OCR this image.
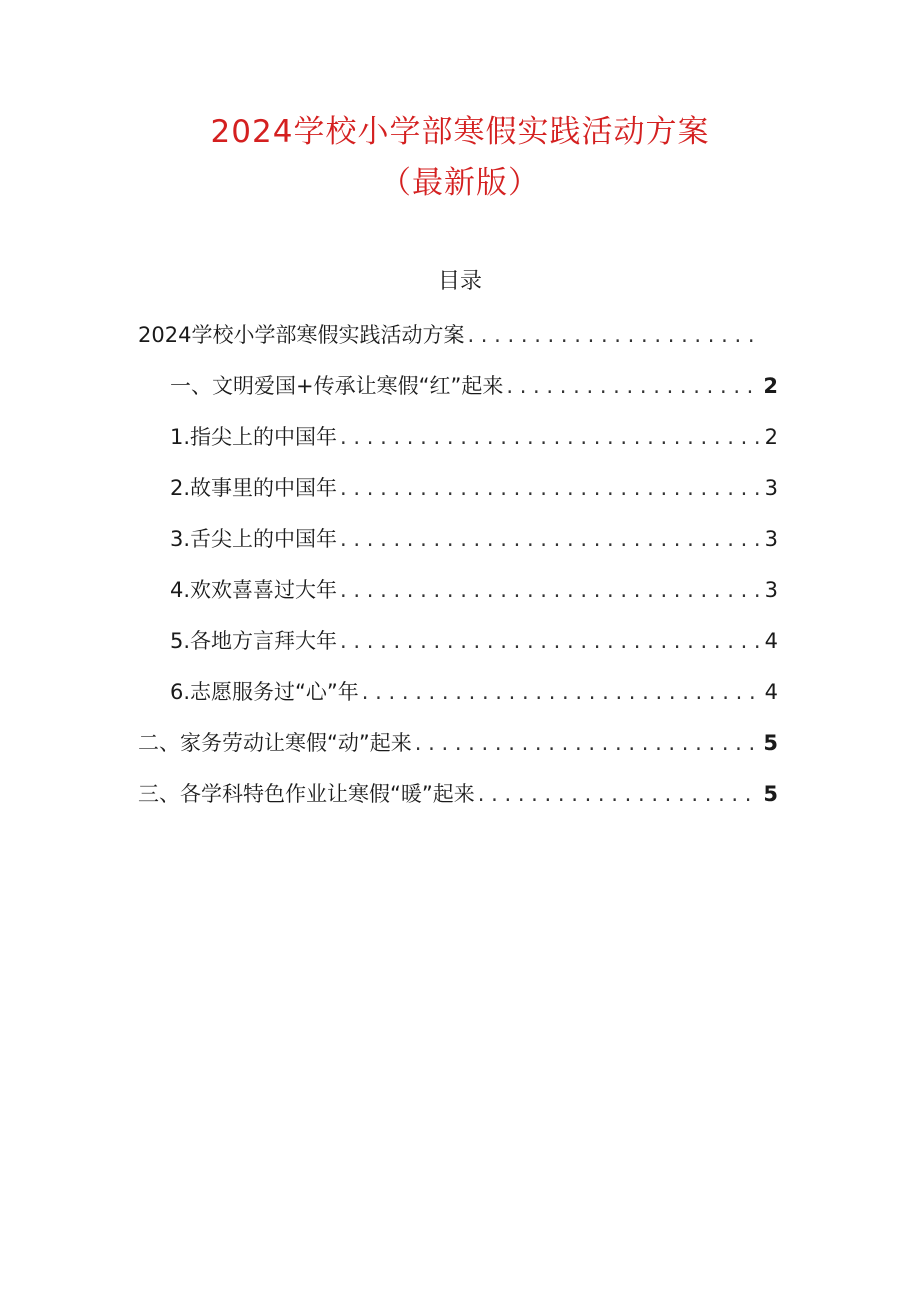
2024学校小学部寒假实践活动方案
（最新版）
目录
2024学校小学部寒假实践活动方案
. . .
一、文明爱国+传承让寒假“红”起来 . . .	2
1.指尖上的中国年 . . .	2
2.故事里的中国年 . . .	3
3.舌尖上的中国年 . . .	3
4.欢欢喜喜过大年 . . .	3
5.各地方言拜大年 . . .	4
6.志愿服务过“心”年 . . .	4
二、家务劳动让寒假“动”起来 . . .	5
三、各学科特色作业让寒假“暖”起来 . . .	5
